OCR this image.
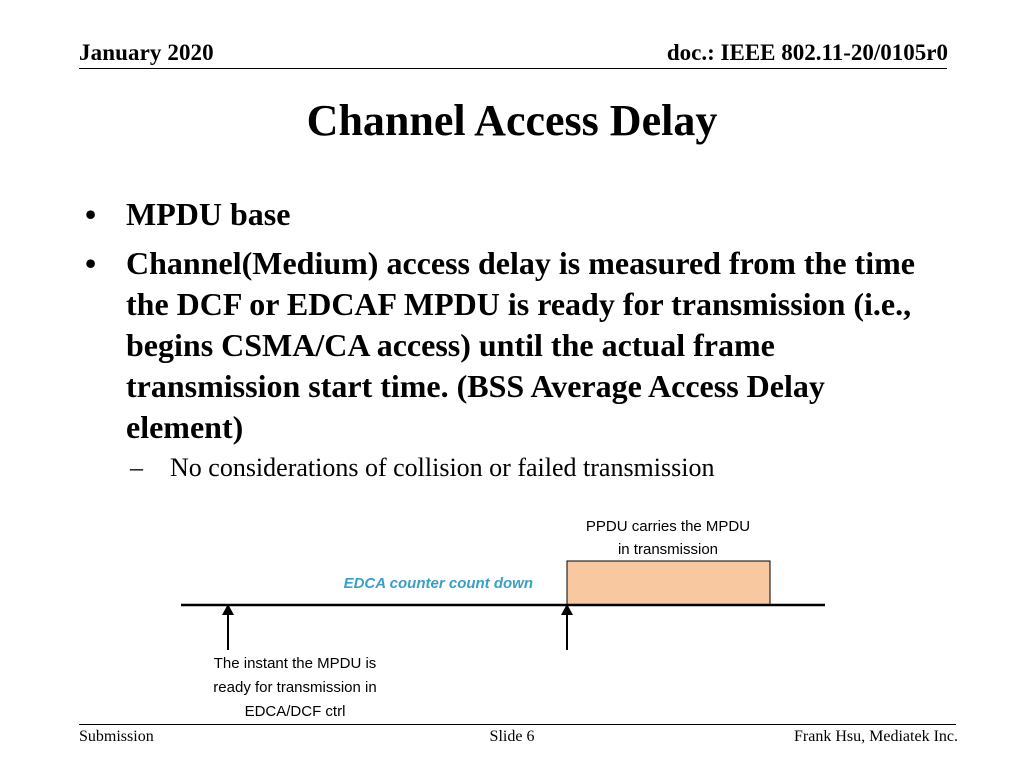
January 2020	doc.: IEEE 802.11-20/0105r0
Channel Access Delay
• MPDU base
• Channel(Medium) access delay is measured from the time the DCF or EDCAF MPDU is ready for transmission (i.e., begins CSMA/CA access) until the actual frame transmission start time. (BSS Average Access Delay element)
– No considerations of collision or failed transmission
PPDU carries the MPDU
in transmission
EDCA counter count down
The instant the MPDU is
ready for transmission in
EDCA/DCF ctrl
Submission	Slide 6	Frank Hsu, Mediatek Inc.
